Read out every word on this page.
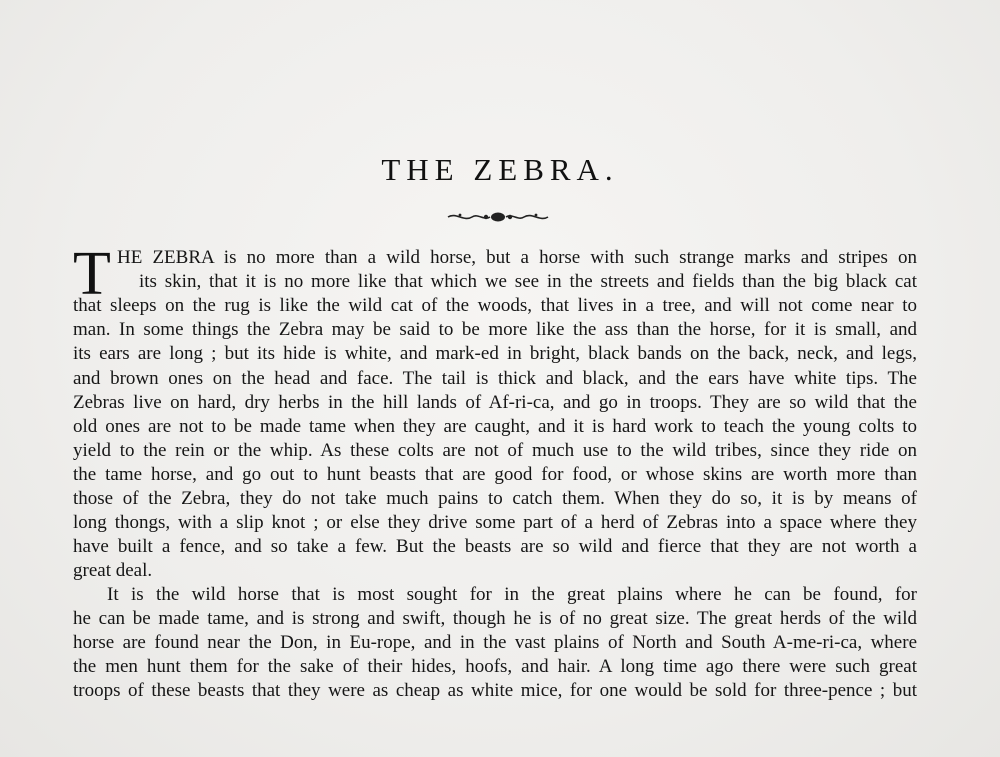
THE ZEBRA.
T HE ZEBRA is no more than a wild horse, but a horse with such strange marks and stripes on
its skin, that it is no more like that which we see in the streets and fields than the big black cat
that sleeps on the rug is like the wild cat of the woods, that lives in a tree, and will not come near to
man. In some things the Zebra may be said to be more like the ass than the horse, for it is small, and
its ears are long ; but its hide is white, and mark-ed in bright, black bands on the back, neck, and legs,
and brown ones on the head and face. The tail is thick and black, and the ears have white tips. The
Zebras live on hard, dry herbs in the hill lands of Af-ri-ca, and go in troops. They are so wild that the
old ones are not to be made tame when they are caught, and it is hard work to teach the young colts to
yield to the rein or the whip. As these colts are not of much use to the wild tribes, since they ride on
the tame horse, and go out to hunt beasts that are good for food, or whose skins are worth more than
those of the Zebra, they do not take much pains to catch them. When they do so, it is by means of
long thongs, with a slip knot ; or else they drive some part of a herd of Zebras into a space where they
have built a fence, and so take a few. But the beasts are so wild and fierce that they are not worth a
great deal.
It is the wild horse that is most sought for in the great plains where he can be found, for
he can be made tame, and is strong and swift, though he is of no great size. The great herds of the wild
horse are found near the Don, in Eu-rope, and in the vast plains of North and South A-me-ri-ca, where
the men hunt them for the sake of their hides, hoofs, and hair. A long time ago there were such great
troops of these beasts that they were as cheap as white mice, for one would be sold for three-pence ; but
